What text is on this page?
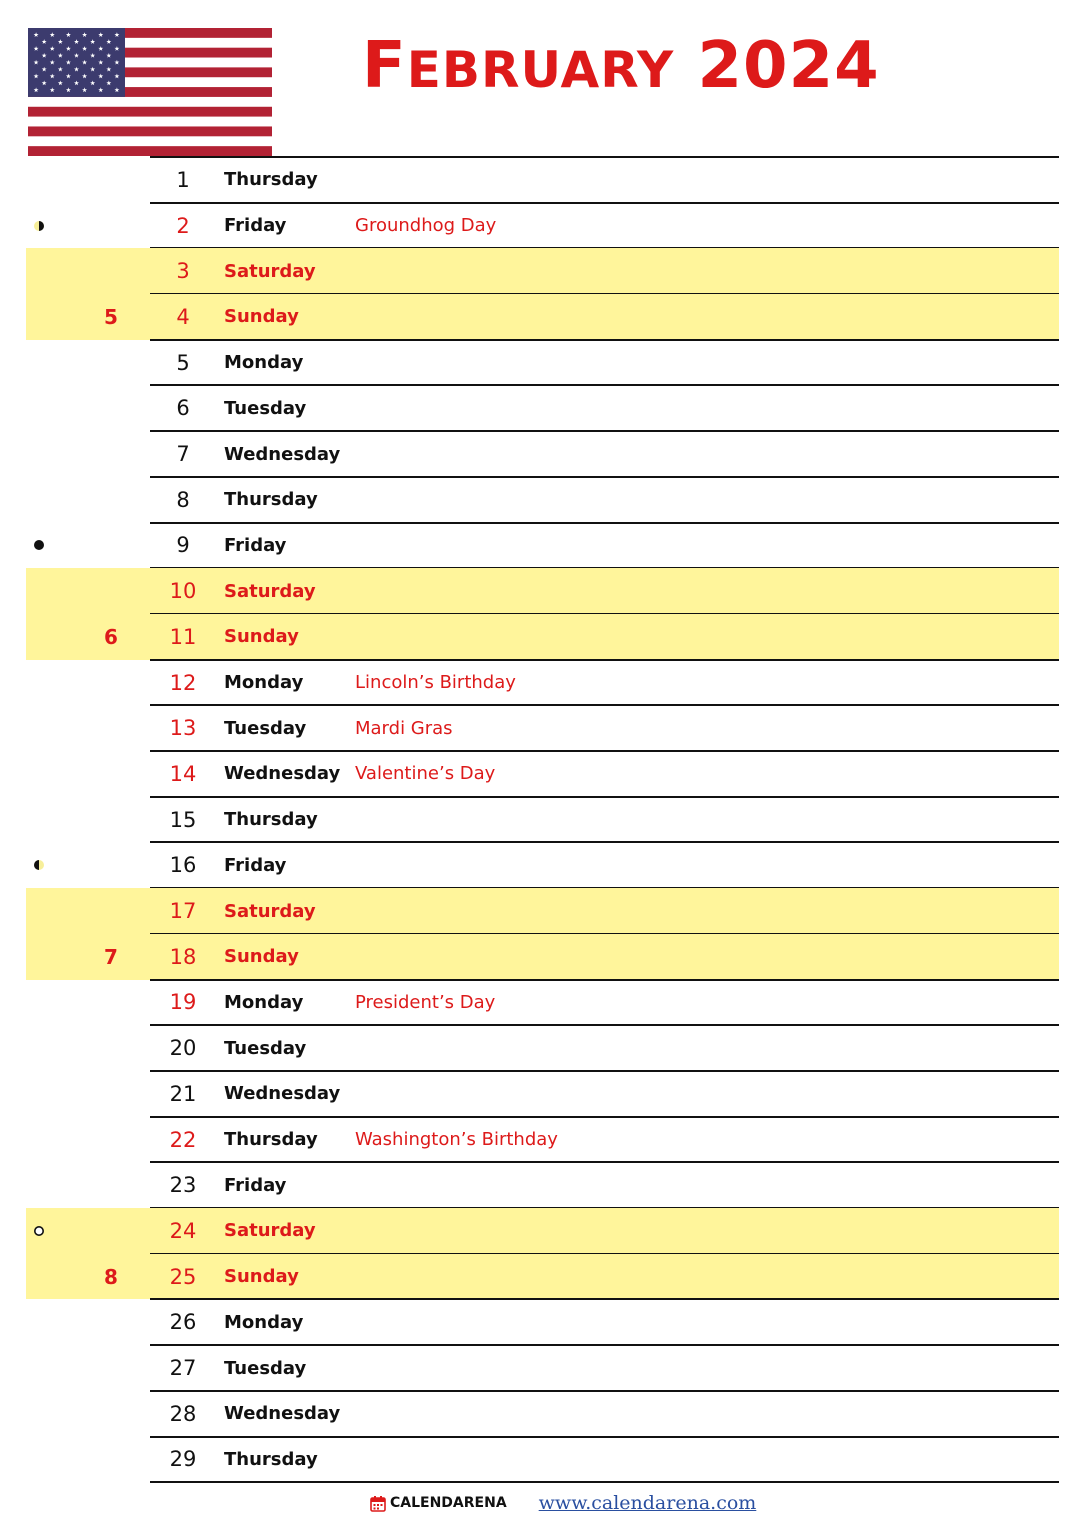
FEBRUARY 2024
1	Thursday
2	Friday	Groundhog Day
3	Saturday
4	Sunday
5
5	Monday
6	Tuesday
7	Wednesday
8	Thursday
9	Friday
10	Saturday
11	Sunday
6
12	Monday	Lincoln’s Birthday
13	Tuesday	Mardi Gras
14	Wednesday Valentine’s Day
15	Thursday
16	Friday
17	Saturday
18	Sunday
7
19	Monday	President’s Day
20	Tuesday
21	Wednesday
22	Thursday Washington’s Birthday
23	Friday
24	Saturday
25	Sunday
8
26	Monday
27	Tuesday
28	Wednesday
29	Thursday
CALENDARENA www.calendarena.com
